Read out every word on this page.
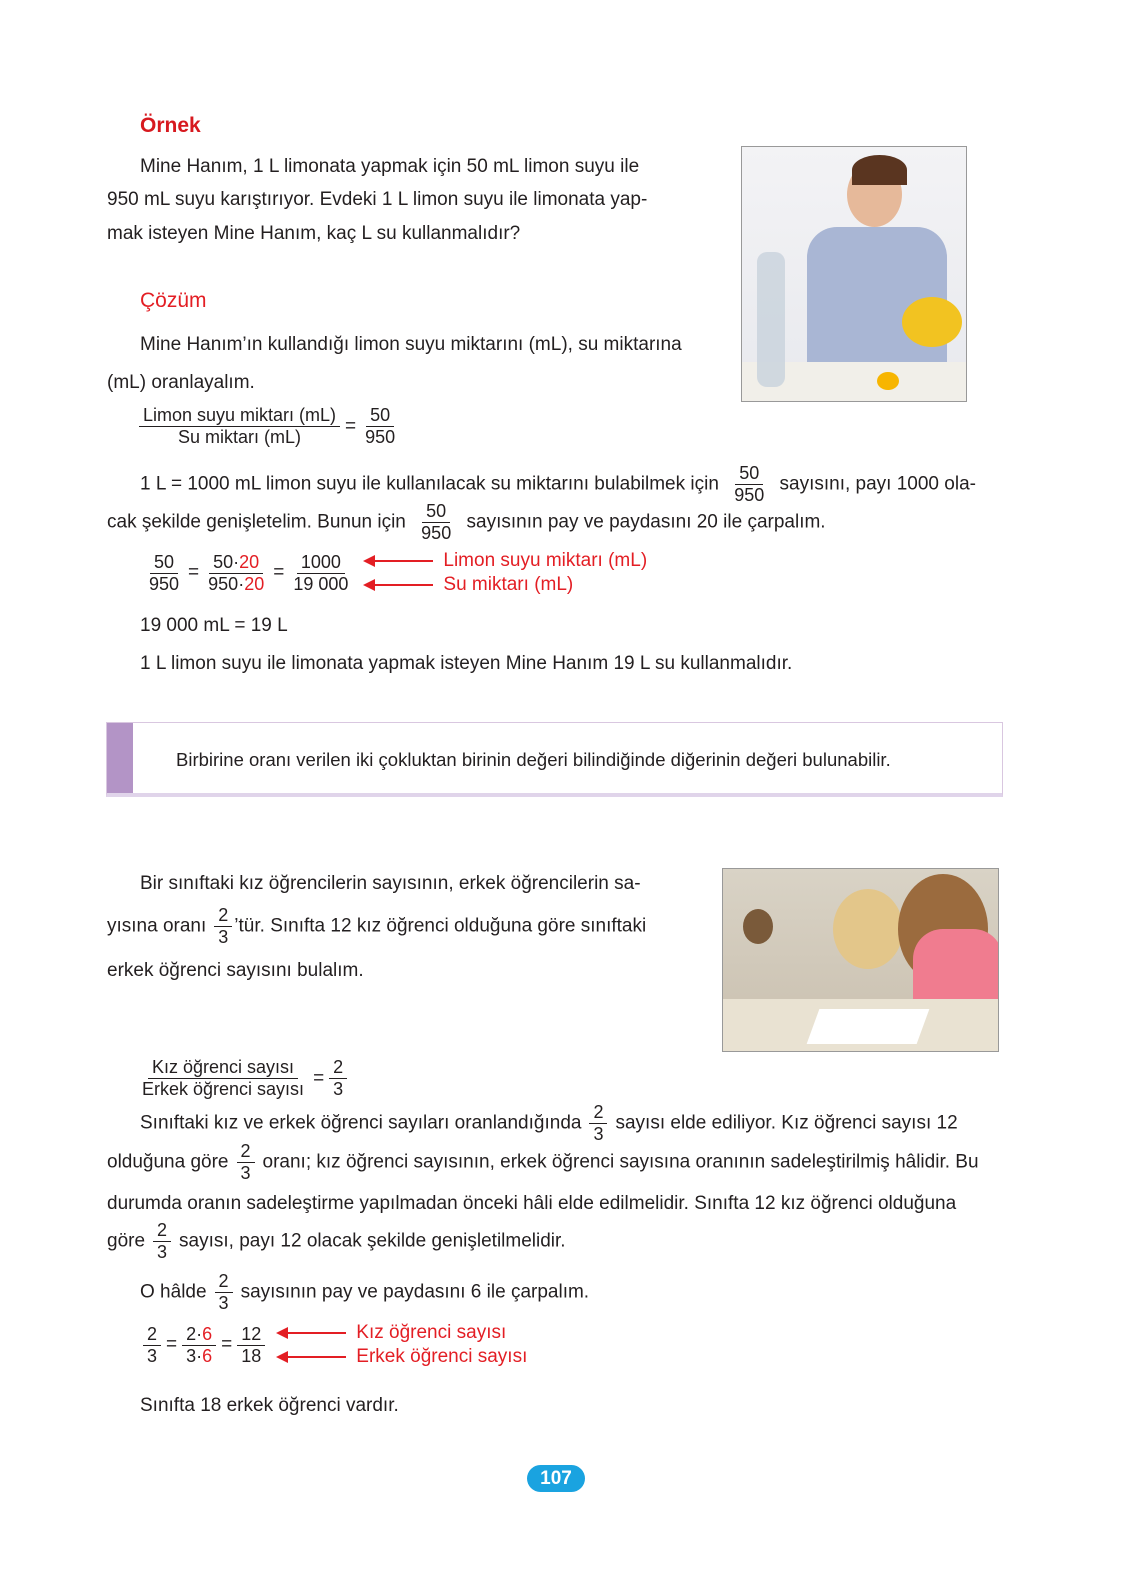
Örnek
Mine Hanım, 1 L limonata yapmak için 50 mL limon suyu ile
950 mL suyu karıştırıyor. Evdeki 1 L limon suyu ile limonata yap-
mak isteyen Mine Hanım, kaç L su kullanmalıdır?
Çözüm
Mine Hanım’ın kullandığı limon suyu miktarını (mL), su miktarına
(mL) oranlayalım.
Limon suyu miktarı (mL)
Su miktarı (mL)
= $\frac{50}{950}$
1 L = 1000 mL limon suyu ile kullanılacak su miktarını bulabilmek için $\frac{50}{950}$ sayısını, payı 1000 ola-
cak şekilde genişletelim. Bunun için $\frac{50}{950}$ sayısının pay ve paydasını 20 ile çarpalım.
$\frac{50}{950} = \frac{50\cdot 20}{950\cdot 20} = \frac{1000}{19 000}$	Limon suyu miktarı (mL)
Su miktarı (mL)
19 000 mL = 19 L
1 L limon suyu ile limonata yapmak isteyen Mine Hanım 19 L su kullanmalıdır.
Birbirine oranı verilen iki çokluktan birinin değeri bilindiğinde diğerinin değeri bulunabilir.
Bir sınıftaki kız öğrencilerin sayısının, erkek öğrencilerin sa-
yısına oranı $\frac{2}{3}$ ’tür. Sınıfta 12 kız öğrenci olduğuna göre sınıftaki
erkek öğrenci sayısını bulalım.
Kız öğrenci sayısı
Erkek öğrenci sayısı
= $\frac{2}{3}$
Sınıftaki kız ve erkek öğrenci sayıları oranlandığında $\frac{2}{3}$ sayısı elde ediliyor. Kız öğrenci sayısı 12
olduğuna göre $\frac{2}{3}$ oranı; kız öğrenci sayısının, erkek öğrenci sayısına oranının sadeleştirilmiş hâlidir. Bu
durumda oranın sadeleştirme yapılmadan önceki hâli elde edilmelidir. Sınıfta 12 kız öğrenci olduğuna
göre $\frac{2}{3}$ sayısı, payı 12 olacak şekilde genişletilmelidir.
O hâlde $\frac{2}{3}$ sayısının pay ve paydasını 6 ile çarpalım.
$\frac{2}{3} = \frac{2\cdot 6}{3\cdot 6} = \frac{12}{18}$	Kız öğrenci sayısı
Erkek öğrenci sayısı
Sınıfta 18 erkek öğrenci vardır.
107
